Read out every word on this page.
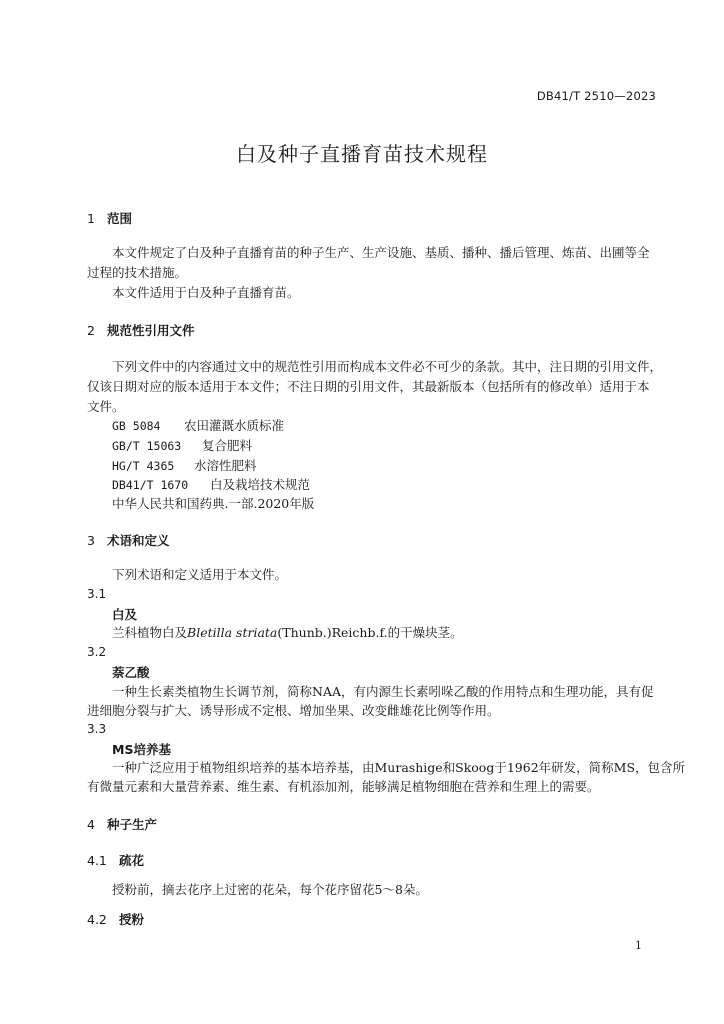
DB41/T 2510—2023
白及种子直播育苗技术规程
1 范围
本文件规定了白及种子直播育苗的种子生产、生产设施、基质、播种、播后管理、炼苗、出圃等全
过程的技术措施。
本文件适用于白及种子直播育苗。
2 规范性引用文件
下列文件中的内容通过文中的规范性引用而构成本文件必不可少的条款。其中，注日期的引用文件，
仅该日期对应的版本适用于本文件；不注日期的引用文件，其最新版本（包括所有的修改单）适用于本
文件。
GB 5084 农田灌溉水质标准
GB/T 15063 复合肥料
HG/T 4365 水溶性肥料
DB41/T 1670 白及栽培技术规范
中华人民共和国药典.一部.2020年版
3 术语和定义
下列术语和定义适用于本文件。
3.1
白及
兰科植物白及Bletilla striata(Thunb.)Reichb.f.的干燥块茎。
3.2
萘乙酸
一种生长素类植物生长调节剂，简称NAA，有内源生长素吲哚乙酸的作用特点和生理功能，具有促
进细胞分裂与扩大、诱导形成不定根、增加坐果、改变雌雄花比例等作用。
3.3
MS培养基
一种广泛应用于植物组织培养的基本培养基，由Murashige和Skoog于1962年研发，简称MS，包含所
有微量元素和大量营养素、维生素、有机添加剂，能够满足植物细胞在营养和生理上的需要。
4 种子生产
4.1 疏花
授粉前，摘去花序上过密的花朵，每个花序留花5～8朵。
4.2 授粉
1
